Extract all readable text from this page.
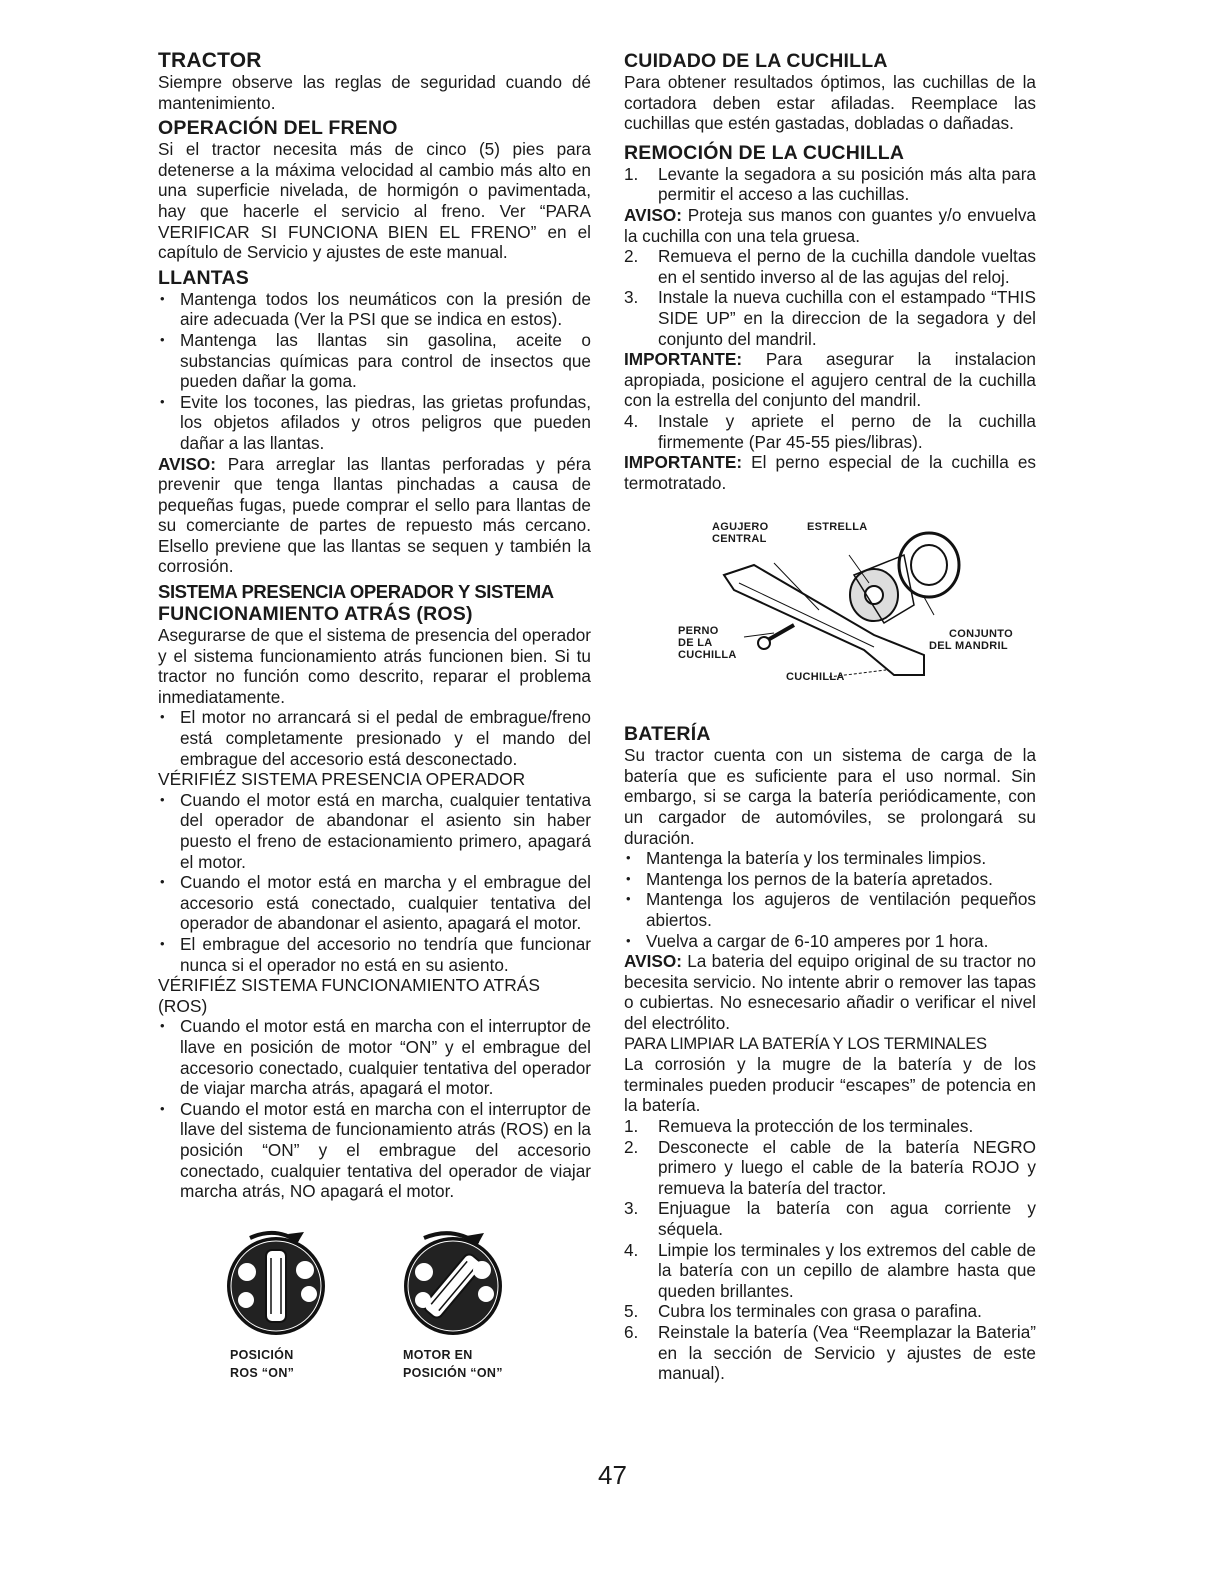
TRACTOR

Siempre observe las reglas de seguridad cuando dé mantenimiento.

OPERACIÓN DEL FRENO

Si el tractor necesita más de cinco (5) pies para detenerse a la máxima velocidad al cambio más alto en una superficie nivelada, de hormigón o pavimentada, hay que hacerle el servicio al freno. Ver “PARA VERIFICAR SI FUNCIONA BIEN EL FRENO” en el capítulo de Servicio y ajustes de este manual.

LLANTAS
• Mantenga todos los neumáticos con la presión de aire adecuada (Ver la PSI que se indica en estos).
• Mantenga las llantas sin gasolina, aceite o substancias químicas para control de insectos que pueden dañar la goma.
• Evite los tocones, las piedras, las grietas profundas, los objetos afilados y otros peligros que pueden dañar a las llantas.

AVISO: Para arreglar las llantas perforadas y péra prevenir que tenga llantas pinchadas a causa de pequeñas fugas, puede comprar el sello para llantas de su comerciante de partes de repuesto más cercano. Elsello previene que las llantas se sequen y también la corrosión.

SISTEMA PRESENCIA OPERADOR Y SISTEMA
FUNCIONAMIENTO ATRÁS (ROS)

Asegurarse de que el sistema de presencia del operador y el sistema funcionamiento atrás funcionen bien. Si tu tractor no función como descrito, reparar el problema inmediatamente.

• El motor no arrancará si el pedal de embrague/freno está completamente presionado y el mando del embrague del accesorio está desconectado.
VÉRIFIÉZ SISTEMA PRESENCIA OPERADOR
• Cuando el motor está en marcha, cualquier tentativa del operador de abandonar el asiento sin haber puesto el freno de estacionamiento primero, apagará el motor.
• Cuando el motor está en marcha y el embrague del accesorio está conectado, cualquier tentativa del operador de abandonar el asiento, apagará el motor.
• El embrague del accesorio no tendría que funcionar nunca si el operador no está en su asiento.
VÉRIFIÉZ SISTEMA FUNCIONAMIENTO ATRÁS (ROS)
• Cuando el motor está en marcha con el interruptor de llave en posición de motor “ON” y el embrague del accesorio conectado, cualquier tentativa del operador de viajar marcha atrás, apagará el motor.
• Cuando el motor está en marcha con el interruptor de llave del sistema de funcionamiento atrás (ROS) en la posición “ON” y el embrague del accesorio conectado, cualquier tentativa del operador de viajar marcha atrás, NO apagará el motor.
POSICIÓN
ROS “ON”
MOTOR EN
POSICIÓN “ON”
CUIDADO DE LA CUCHILLA

Para obtener resultados óptimos, las cuchillas de la cortadora deben estar afiladas. Reemplace las cuchillas que estén gastadas, dobladas o dañadas.

REMOCIÓN DE LA CUCHILLA
1. Levante la segadora a su posición más alta para permitir el acceso a las cuchillas.

AVISO: Proteja sus manos con guantes y/o envuelva la cuchilla con una tela gruesa.

2. Remueva el perno de la cuchilla dandole vueltas en el sentido inverso al de las agujas del reloj.
3. Instale la nueva cuchilla con el estampado “THIS SIDE UP” en la direccion de la segadora y del conjunto del mandril.

IMPORTANTE: Para asegurar la instalacion apropiada, posicione el agujero central de la cuchilla con la estrella del conjunto del mandril.

4. Instale y apriete el perno de la cuchilla firmemente (Par 45-55 pies/libras).

IMPORTANTE: El perno especial de la cuchilla es termotratado.

AGUJERO
CENTRAL
ESTRELLA
PERNO
DE LA
CUCHILLA
CONJUNTO
DEL MANDRIL
CUCHILLA
BATERÍA

Su tractor cuenta con un sistema de carga de la batería que es suficiente para el uso normal. Sin embargo, si se carga la batería periódicamente, con un cargador de automóviles, se prolongará su duración.

• Mantenga la batería y los terminales limpios.
• Mantenga los pernos de la batería apretados.
• Mantenga los agujeros de ventilación pequeños abiertos.
• Vuelva a cargar de 6-10 amperes por 1 hora.

AVISO: La bateria del equipo original de su tractor no becesita servicio. No intente abrir o remover las tapas o cubiertas. No esnecesario añadir o verificar el nivel del electrólito.

PARA LIMPIAR LA BATERÍA Y LOS TERMINALES

La corrosión y la mugre de la batería y de los terminales pueden producir “escapes” de potencia en la batería.

1. Remueva la protección de los terminales.
2. Desconecte el cable de la batería NEGRO primero y luego el cable de la batería ROJO y remueva la batería del tractor.
3. Enjuague la batería con agua corriente y séquela.
4. Limpie los terminales y los extremos del cable de la batería con un cepillo de alambre hasta que queden brillantes.
5. Cubra los terminales con grasa o parafina.
6. Reinstale la batería (Vea “Reemplazar la Bateria” en la sección de Servicio y ajustes de este manual).
47
